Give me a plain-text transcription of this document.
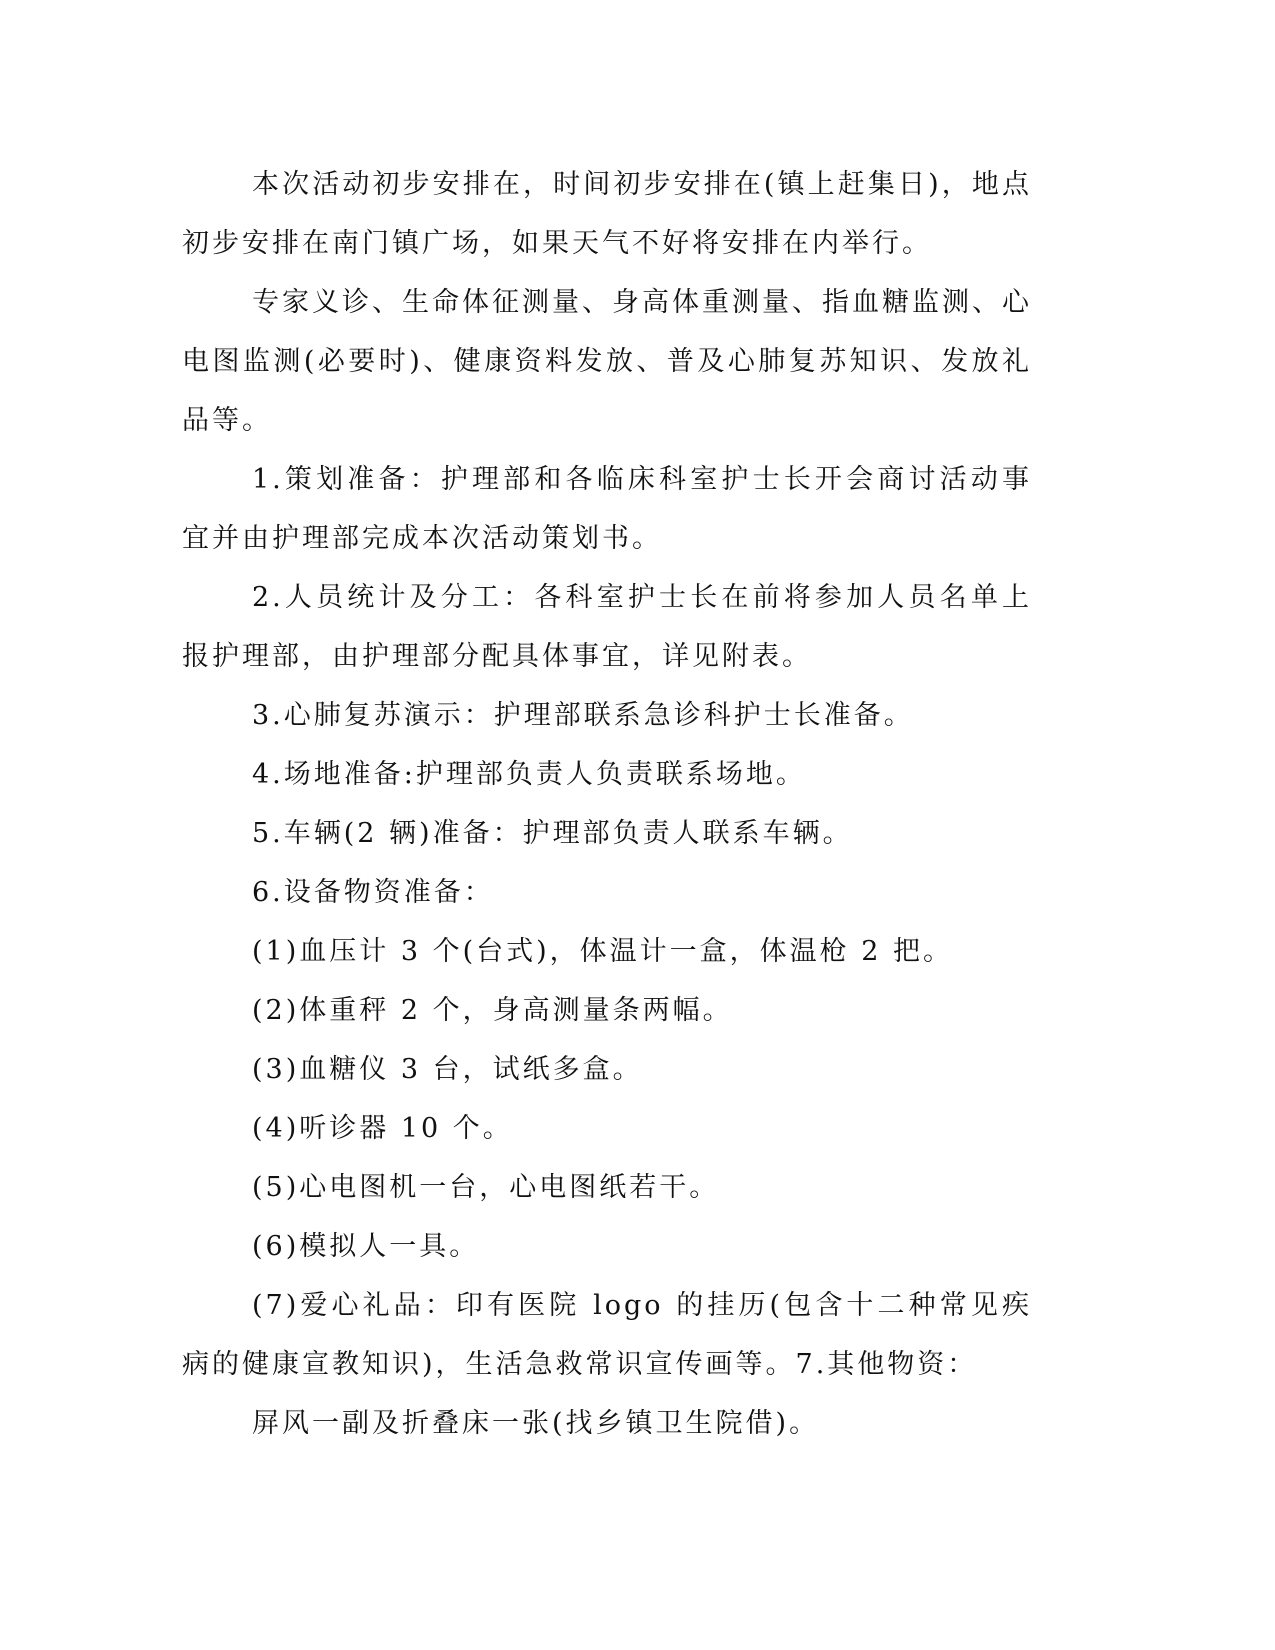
本次活动初步安排在，时间初步安排在(镇上赶集日)，地点初步安排在南门镇广场，如果天气不好将安排在内举行。

专家义诊、生命体征测量、身高体重测量、指血糖监测、心电图监测(必要时)、健康资料发放、普及心肺复苏知识、发放礼品等。

1.策划准备：护理部和各临床科室护士长开会商讨活动事宜并由护理部完成本次活动策划书。

2.人员统计及分工：各科室护士长在前将参加人员名单上报护理部，由护理部分配具体事宜，详见附表。

3.心肺复苏演示：护理部联系急诊科护士长准备。

4.场地准备:护理部负责人负责联系场地。

5.车辆(2 辆)准备：护理部负责人联系车辆。

6.设备物资准备：

(1)血压计 3 个(台式)，体温计一盒，体温枪 2 把。

(2)体重秤 2 个，身高测量条两幅。

(3)血糖仪 3 台，试纸多盒。

(4)听诊器 10 个。

(5)心电图机一台，心电图纸若干。

(6)模拟人一具。

(7)爱心礼品：印有医院 logo 的挂历(包含十二种常见疾病的健康宣教知识)，生活急救常识宣传画等。7.其他物资：

屏风一副及折叠床一张(找乡镇卫生院借)。
